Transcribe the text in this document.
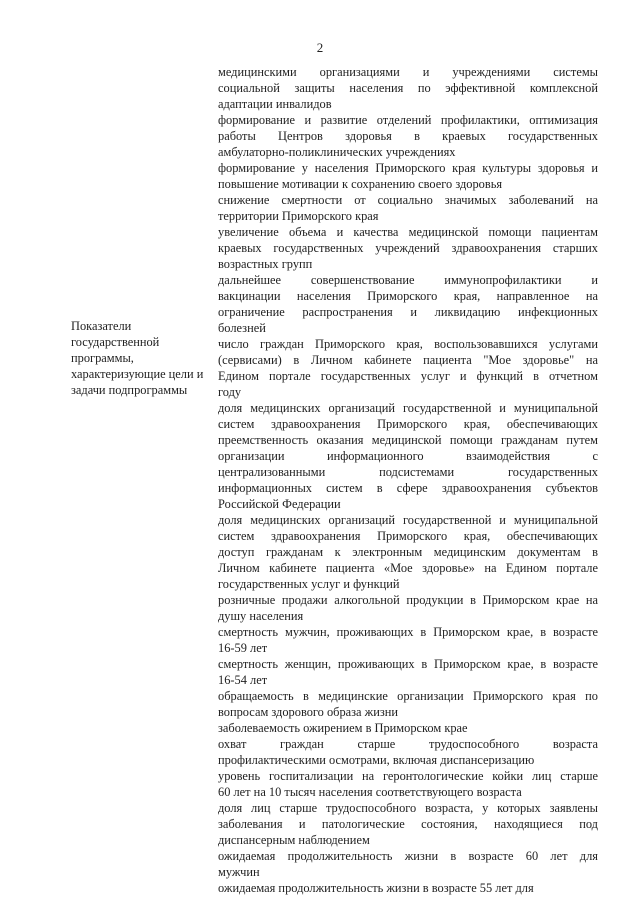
2
Показатели
государственной
программы,
характеризующие цели и
задачи подпрограммы
медицинскими организациями и учреждениями системы
социальной защиты населения по эффективной комплексной
адаптации инвалидов
формирование и развитие отделений профилактики, оптимизация
работы Центров здоровья в краевых государственных
амбулаторно-поликлинических учреждениях
формирование у населения Приморского края культуры здоровья и
повышение мотивации к сохранению своего здоровья
снижение смертности от социально значимых заболеваний на
территории Приморского края
увеличение объема и качества медицинской помощи пациентам
краевых государственных учреждений здравоохранения старших
возрастных групп
дальнейшее совершенствование иммунопрофилактики и
вакцинации населения Приморского края, направленное на
ограничение распространения и ликвидацию инфекционных
болезней
число граждан Приморского края, воспользовавшихся услугами
(сервисами) в Личном кабинете пациента "Мое здоровье" на
Едином портале государственных услуг и функций в отчетном
году
доля медицинских организаций государственной и муниципальной
систем здравоохранения Приморского края, обеспечивающих
преемственность оказания медицинской помощи гражданам путем
организации информационного взаимодействия с
централизованными подсистемами государственных
информационных систем в сфере здравоохранения субъектов
Российской Федерации
доля медицинских организаций государственной и муниципальной
систем здравоохранения Приморского края, обеспечивающих
доступ гражданам к электронным медицинским документам в
Личном кабинете пациента «Мое здоровье» на Едином портале
государственных услуг и функций
розничные продажи алкогольной продукции в Приморском крае на
душу населения
смертность мужчин, проживающих в Приморском крае, в возрасте
16-59 лет
смертность женщин, проживающих в Приморском крае, в возрасте
16-54 лет
обращаемость в медицинские организации Приморского края по
вопросам здорового образа жизни
заболеваемость ожирением в Приморском крае
охват граждан старше трудоспособного возраста
профилактическими осмотрами, включая диспансеризацию
уровень госпитализации на геронтологические койки лиц старше
60 лет на 10 тысяч населения соответствующего возраста
доля лиц старше трудоспособного возраста, у которых заявлены
заболевания и патологические состояния, находящиеся под
диспансерным наблюдением
ожидаемая продолжительность жизни в возрасте 60 лет для
мужчин
ожидаемая продолжительность жизни в возрасте 55 лет для
